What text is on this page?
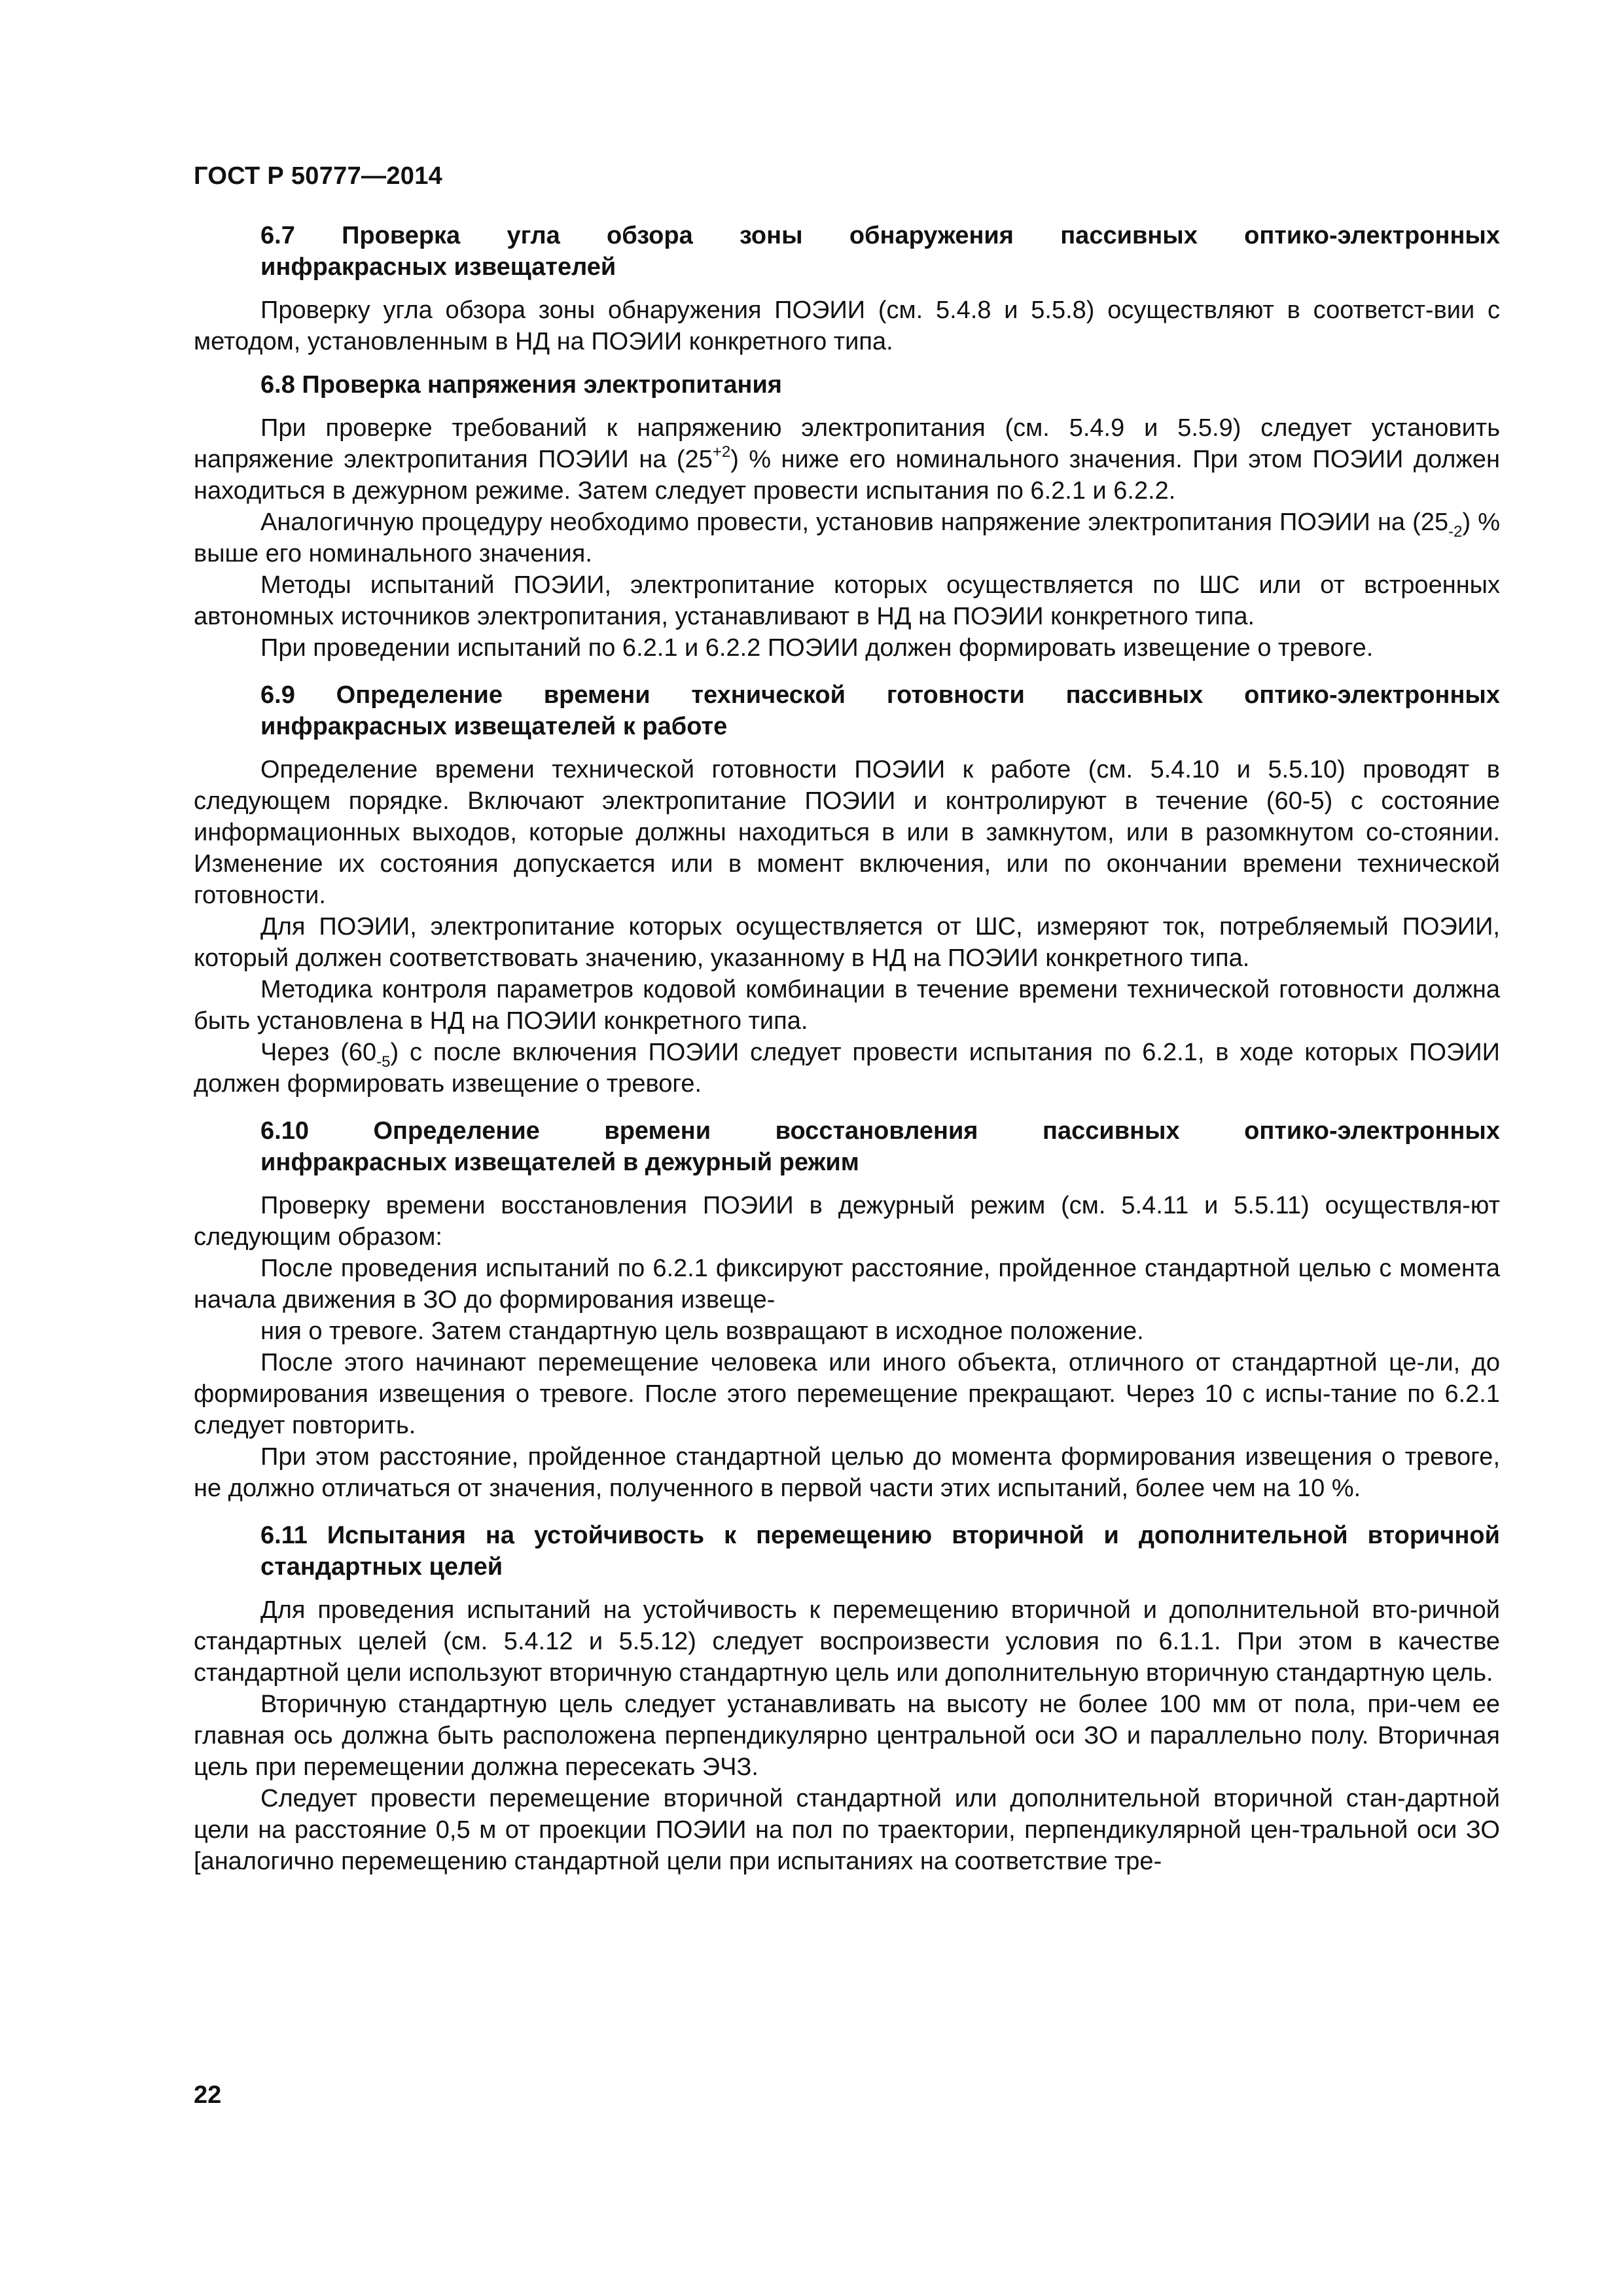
ГОСТ Р 50777—2014
6.7 Проверка угла обзора зоны обнаружения пассивных оптико-электронных
инфракрасных извещателей

Проверку угла обзора зоны обнаружения ПОЭИИ (см. 5.4.8 и 5.5.8) осуществляют в соответст-вии с методом, установленным в НД на ПОЭИИ конкретного типа.

6.8 Проверка напряжения электропитания

При проверке требований к напряжению электропитания (см. 5.4.9 и 5.5.9) следует установить напряжение электропитания ПОЭИИ на $(25^{+2})$ % ниже его номинального значения. При этом ПОЭИИ должен находиться в дежурном режиме. Затем следует провести испытания по 6.2.1 и 6.2.2.

Аналогичную процедуру необходимо провести, установив напряжение электропитания ПОЭИИ на $(25_{-2})$ % выше его номинального значения.

Методы испытаний ПОЭИИ, электропитание которых осуществляется по ШС или от встроенных автономных источников электропитания, устанавливают в НД на ПОЭИИ конкретного типа.

При проведении испытаний по 6.2.1 и 6.2.2 ПОЭИИ должен формировать извещение о тревоге.

6.9 Определение времени технической готовности пассивных оптико-электронных
инфракрасных извещателей к работе

Определение времени технической готовности ПОЭИИ к работе (см. 5.4.10 и 5.5.10) проводят в следующем порядке. Включают электропитание ПОЭИИ и контролируют в течение (60-5) с состояние информационных выходов, которые должны находиться в или в замкнутом, или в разомкнутом со-стоянии. Изменение их состояния допускается или в момент включения, или по окончании времени технической готовности.

Для ПОЭИИ, электропитание которых осуществляется от ШС, измеряют ток, потребляемый ПОЭИИ, который должен соответствовать значению, указанному в НД на ПОЭИИ конкретного типа.

Методика контроля параметров кодовой комбинации в течение времени технической готовности должна быть установлена в НД на ПОЭИИ конкретного типа.

Через $(60_{-5})$ с после включения ПОЭИИ следует провести испытания по 6.2.1, в ходе которых ПОЭИИ должен формировать извещение о тревоге.

6.10 Определение времени восстановления пассивных оптико-электронных
инфракрасных извещателей в дежурный режим

Проверку времени восстановления ПОЭИИ в дежурный режим (см. 5.4.11 и 5.5.11) осуществля-ют следующим образом:

После проведения испытаний по 6.2.1 фиксируют расстояние, пройденное стандартной целью с момента начала движения в ЗО до формирования извеще-

ния о тревоге. Затем стандартную цель возвращают в исходное положение.

После этого начинают перемещение человека или иного объекта, отличного от стандартной це-ли, до формирования извещения о тревоге. После этого перемещение прекращают. Через 10 с испы-тание по 6.2.1 следует повторить.

При этом расстояние, пройденное стандартной целью до момента формирования извещения о тревоге, не должно отличаться от значения, полученного в первой части этих испытаний, более чем на 10 %.

6.11 Испытания на устойчивость к перемещению вторичной и дополнительной вторичной
стандартных целей

Для проведения испытаний на устойчивость к перемещению вторичной и дополнительной вто-ричной стандартных целей (см. 5.4.12 и 5.5.12) следует воспроизвести условия по 6.1.1. При этом в качестве стандартной цели используют вторичную стандартную цель или дополнительную вторичную стандартную цель.

Вторичную стандартную цель следует устанавливать на высоту не более 100 мм от пола, при-чем ее главная ось должна быть расположена перпендикулярно центральной оси ЗО и параллельно полу. Вторичная цель при перемещении должна пересекать ЭЧЗ.

Следует провести перемещение вторичной стандартной или дополнительной вторичной стан-дартной цели на расстояние 0,5 м от проекции ПОЭИИ на пол по траектории, перпендикулярной цен-тральной оси ЗО [аналогично перемещению стандартной цели при испытаниях на соответствие тре-

22
